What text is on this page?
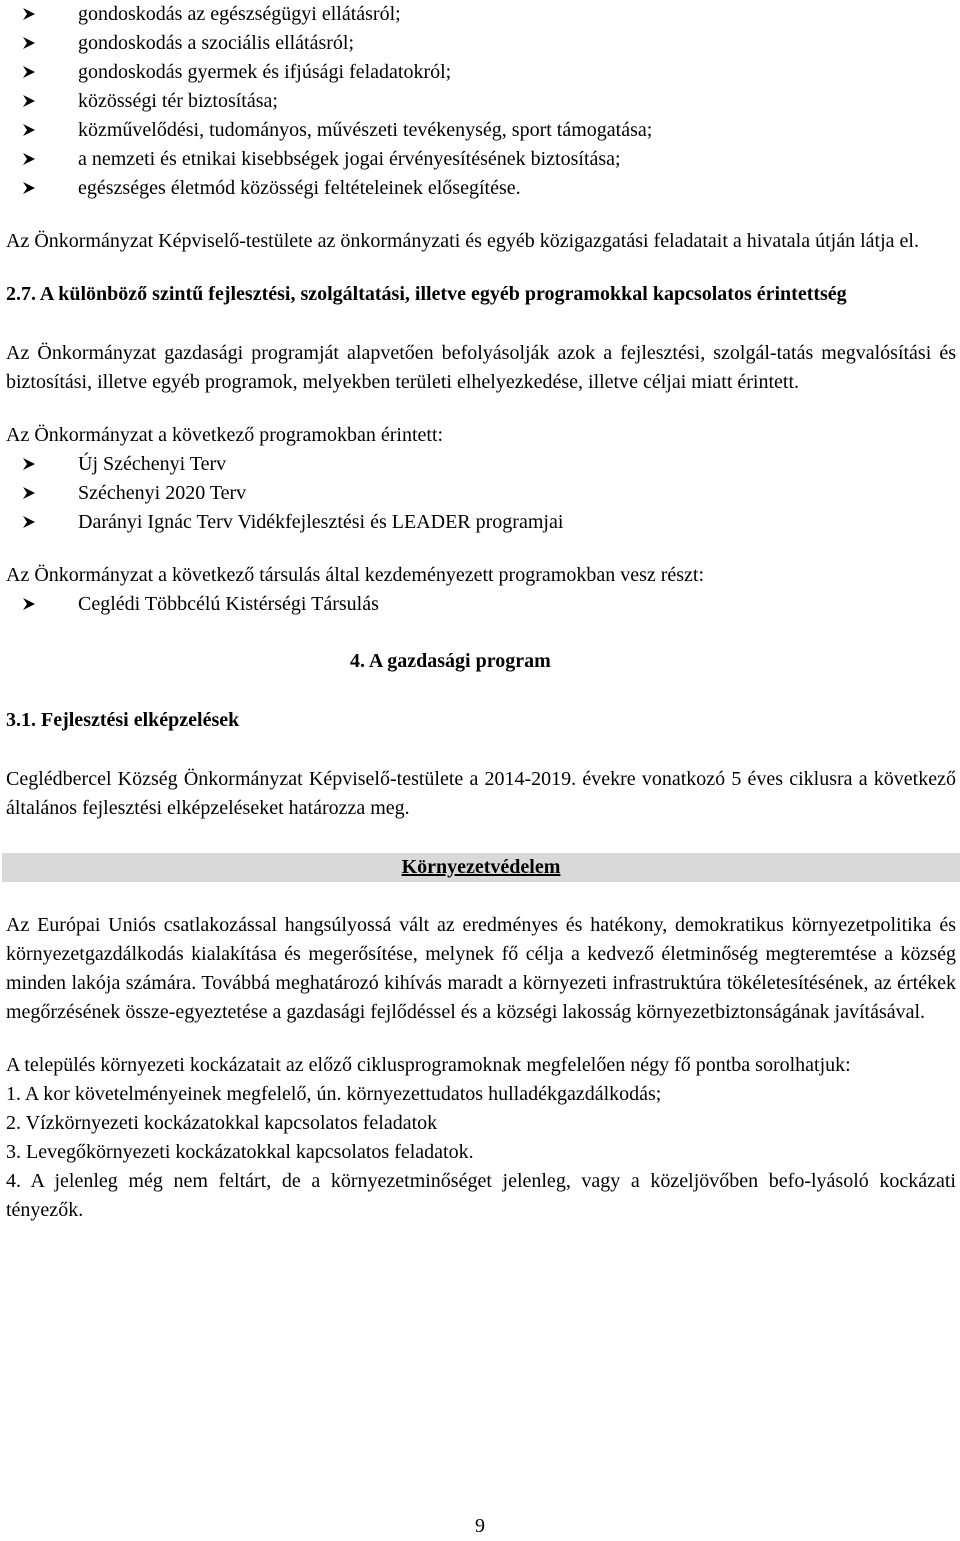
gondoskodás az egészségügyi ellátásról;
gondoskodás a szociális ellátásról;
gondoskodás gyermek és ifjúsági feladatokról;
közösségi tér biztosítása;
közművelődési, tudományos, művészeti tevékenység, sport támogatása;
a nemzeti és etnikai kisebbségek jogai érvényesítésének biztosítása;
egészséges életmód közösségi feltételeinek elősegítése.

Az Önkormányzat Képviselő-testülete az önkormányzati és egyéb közigazgatási feladatait a hivatala útján látja el.

2.7. A különböző szintű fejlesztési, szolgáltatási, illetve egyéb programokkal kapcsolatos érintettség

Az Önkormányzat gazdasági programját alapvetően befolyásolják azok a fejlesztési, szolgál-tatás megvalósítási és biztosítási, illetve egyéb programok, melyekben területi elhelyezkedése, illetve céljai miatt érintett.

Az Önkormányzat a következő programokban érintett:

Új Széchenyi Terv
Széchenyi 2020 Terv
Darányi Ignác Terv Vidékfejlesztési és LEADER programjai

Az Önkormányzat a következő társulás által kezdeményezett programokban vesz részt:

Ceglédi Többcélú Kistérségi Társulás

4. A gazdasági program

3.1. Fejlesztési elképzelések

Ceglédbercel Község Önkormányzat Képviselő-testülete a 2014-2019. évekre vonatkozó 5 éves ciklusra a következő általános fejlesztési elképzeléseket határozza meg.

Környezetvédelem

Az Európai Uniós csatlakozással hangsúlyossá vált az eredményes és hatékony, demokratikus környezetpolitika és környezetgazdálkodás kialakítása és megerősítése, melynek fő célja a kedvező életminőség megteremtése a község minden lakója számára. Továbbá meghatározó kihívás maradt a környezeti infrastruktúra tökéletesítésének, az értékek megőrzésének össze-egyeztetése a gazdasági fejlődéssel és a községi lakosság környezetbiztonságának javításával.

A település környezeti kockázatait az előző ciklusprogramoknak megfelelően négy fő pontba sorolhatjuk:

1. A kor követelményeinek megfelelő, ún. környezettudatos hulladékgazdálkodás;

2. Vízkörnyezeti kockázatokkal kapcsolatos feladatok

3. Levegőkörnyezeti kockázatokkal kapcsolatos feladatok.

4. A jelenleg még nem feltárt, de a környezetminőséget jelenleg, vagy a közeljövőben befo-lyásoló kockázati tényezők.

9
